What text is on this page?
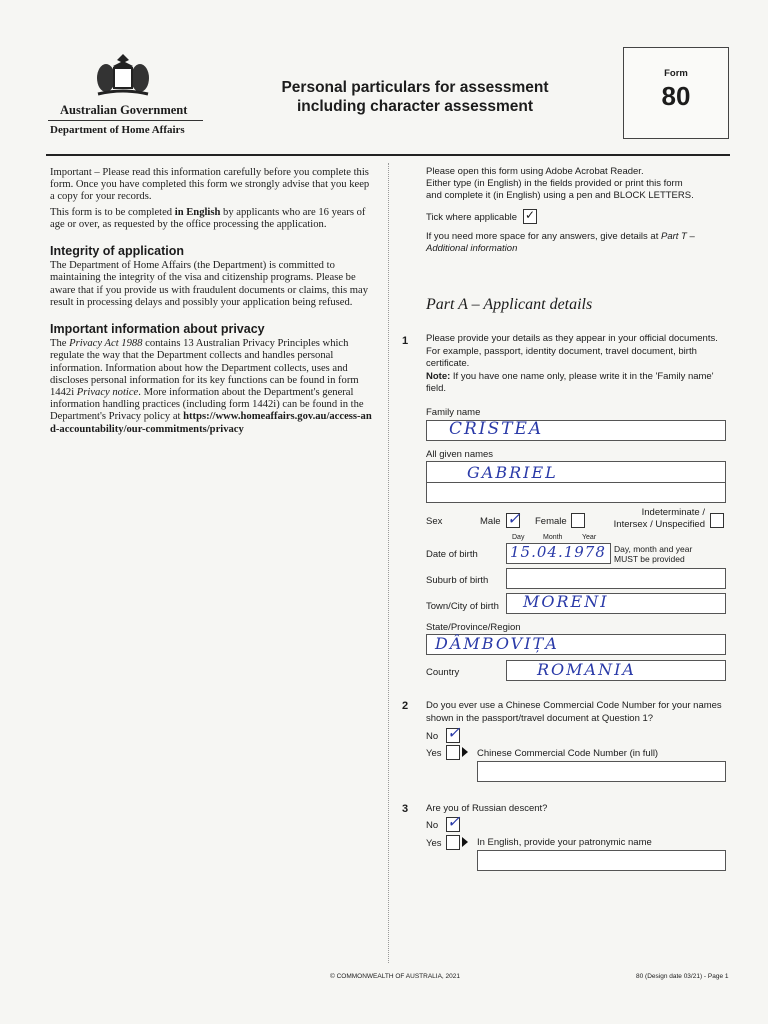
Australian Government
Department of Home Affairs
Personal particulars for assessment
including character assessment
Form
80

Important – Please read this information carefully before you complete this form. Once you have completed this form we strongly advise that you keep a copy for your records.

This form is to be completed in English by applicants who are 16 years of age or over, as requested by the office processing the application.

Integrity of application

The Department of Home Affairs (the Department) is committed to maintaining the integrity of the visa and citizenship programs. Please be aware that if you provide us with fraudulent documents or claims, this may result in processing delays and possibly your application being refused.

Important information about privacy

The Privacy Act 1988 contains 13 Australian Privacy Principles which regulate the way that the Department collects and handles personal information. Information about how the Department collects, uses and discloses personal information for its key functions can be found in form 1442i Privacy notice. More information about the Department's general information handling practices (including form 1442i) can be found in the Department's Privacy policy at https://www.homeaffairs.gov.au/access-and-accountability/our-commitments/privacy

Please open this form using Adobe Acrobat Reader.
Either type (in English) in the fields provided or print this form
and complete it (in English) using a pen and BLOCK LETTERS.
Tick where applicable ✓
If you need more space for any answers, give details at Part T –
Additional information
Part A – Applicant details
1 Please provide your details as they appear in your official documents.
For example, passport, identity document, travel document, birth
certificate.
Note: If you have one name only, please write it in the 'Family name'
field.
Family name
CRISTEA
All given names
GABRIEL
Sex	Male ✓ Female
Indeterminate /
Intersex / Unspecified
Day	Month	Year
Date of birth 15.04.1978 Day, month and year
MUST be provided
Suburb of birth
Town/City of birth MORENI
State/Province/Region
DÂMBOVIȚA
Country	ROMANIA
2 Do you ever use a Chinese Commercial Code Number for your names
shown in the passport/travel document at Question 1?
No ✓
Yes	Chinese Commercial Code Number (in full)
3 Are you of Russian descent?
No ✓
Yes	In English, provide your patronymic name
© COMMONWEALTH OF AUSTRALIA, 2021	80 (Design date 03/21) - Page 1
